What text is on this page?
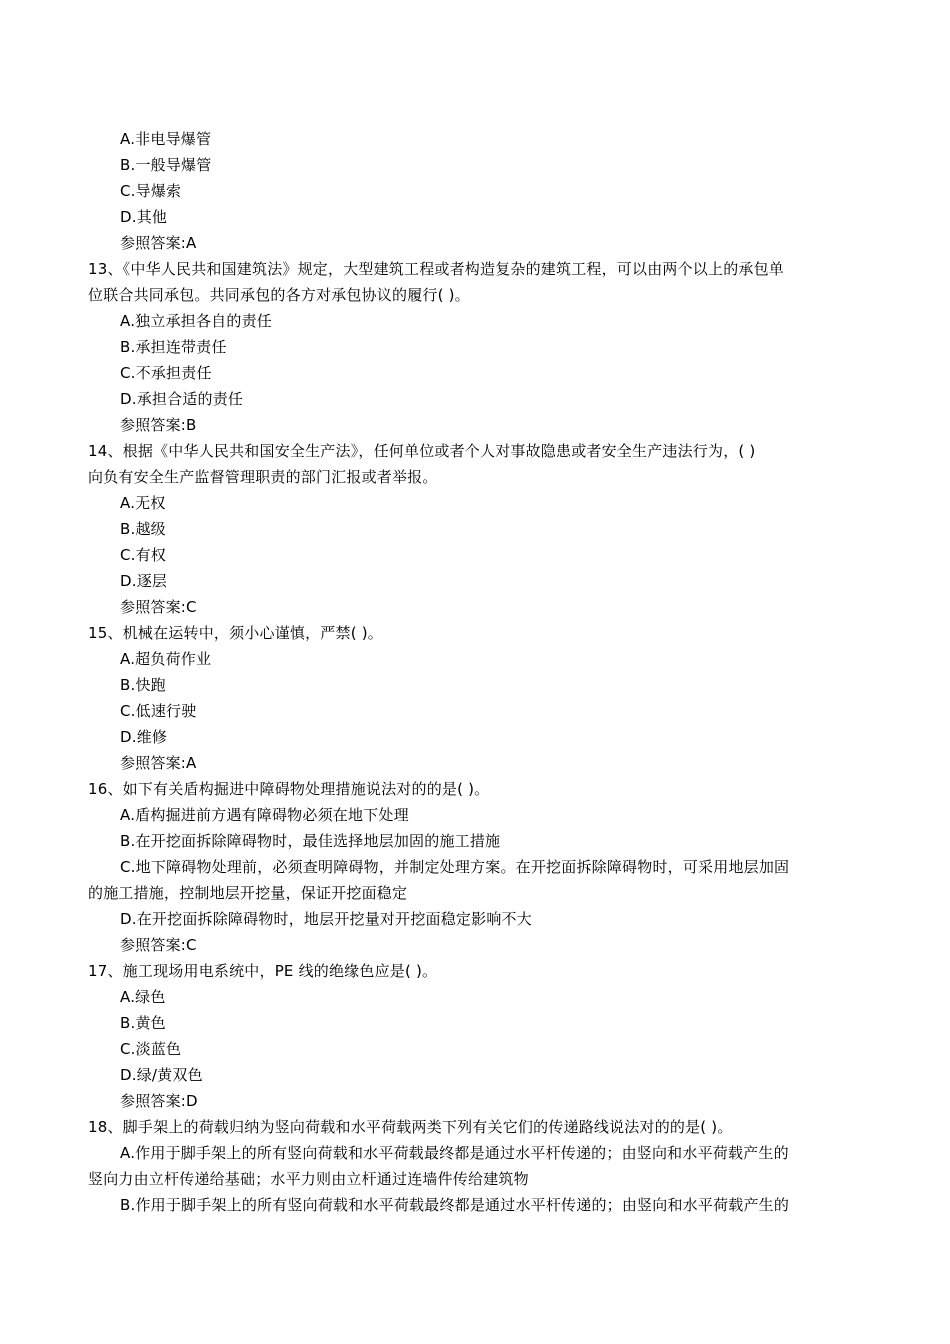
A.非电导爆管
B.一般导爆管
C.导爆索
D.其他
参照答案:A
13、《中华人民共和国建筑法》规定，大型建筑工程或者构造复杂的建筑工程，可以由两个以上的承包单
位联合共同承包。共同承包的各方对承包协议的履行( )。
A.独立承担各自的责任
B.承担连带责任
C.不承担责任
D.承担合适的责任
参照答案:B
14、根据《中华人民共和国安全生产法》，任何单位或者个人对事故隐患或者安全生产违法行为，( )
向负有安全生产监督管理职责的部门汇报或者举报。
A.无权
B.越级
C.有权
D.逐层
参照答案:C
15、机械在运转中，须小心谨慎，严禁( )。
A.超负荷作业
B.快跑
C.低速行驶
D.维修
参照答案:A
16、如下有关盾构掘进中障碍物处理措施说法对的的是( )。
A.盾构掘进前方遇有障碍物必须在地下处理
B.在开挖面拆除障碍物时，最佳选择地层加固的施工措施
C.地下障碍物处理前，必须查明障碍物，并制定处理方案。在开挖面拆除障碍物时，可采用地层加固
的施工措施，控制地层开挖量，保证开挖面稳定
D.在开挖面拆除障碍物时，地层开挖量对开挖面稳定影响不大
参照答案:C
17、施工现场用电系统中，PE 线的绝缘色应是( )。
A.绿色
B.黄色
C.淡蓝色
D.绿/黄双色
参照答案:D
18、脚手架上的荷载归纳为竖向荷载和水平荷载两类下列有关它们的传递路线说法对的的是( )。
A.作用于脚手架上的所有竖向荷载和水平荷载最终都是通过水平杆传递的；由竖向和水平荷载产生的
竖向力由立杆传递给基础；水平力则由立杆通过连墙件传给建筑物
B.作用于脚手架上的所有竖向荷载和水平荷载最终都是通过水平杆传递的；由竖向和水平荷载产生的
